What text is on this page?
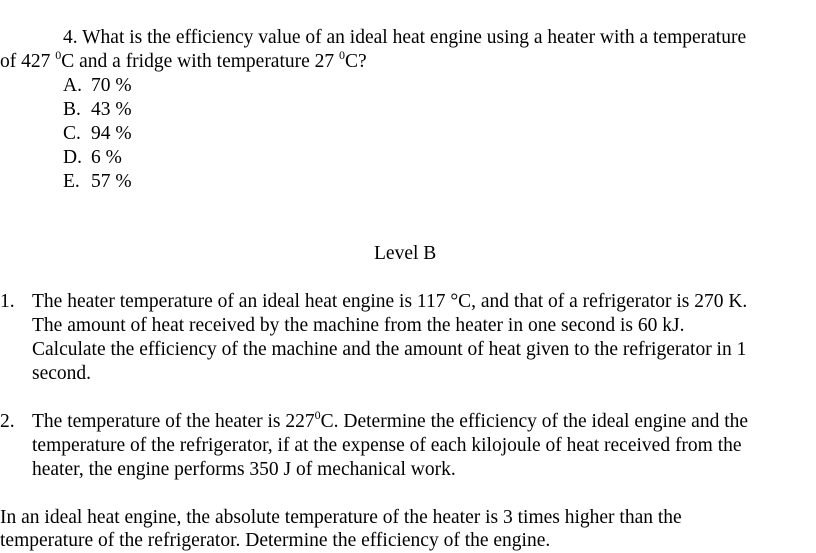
4. What is the efficiency value of an ideal heat engine using a heater with a temperature
of 427 $^0$C and a fridge with temperature 27 $^0$C?
A. 70 %
B. 43 %
C. 94 %
D. 6 %
E. 57 %
Level B
1. The heater temperature of an ideal heat engine is 117 °C, and that of a refrigerator is 270 K.
The amount of heat received by the machine from the heater in one second is 60 kJ.
Calculate the efficiency of the machine and the amount of heat given to the refrigerator in 1
second.
2. The temperature of the heater is $227^0C$. Determine the efficiency of the ideal engine and the
temperature of the refrigerator, if at the expense of each kilojoule of heat received from the
heater, the engine performs 350 J of mechanical work.
In an ideal heat engine, the absolute temperature of the heater is 3 times higher than the
temperature of the refrigerator. Determine the efficiency of the engine.
